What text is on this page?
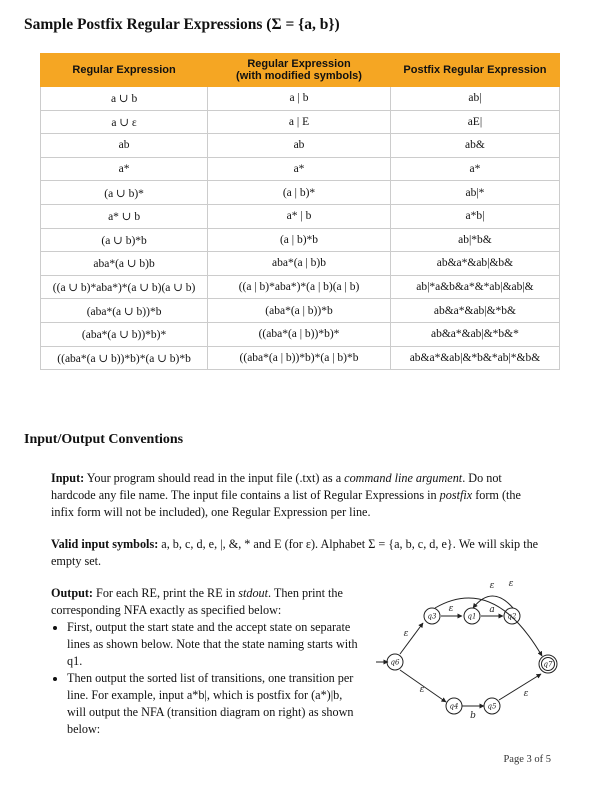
Sample Postfix Regular Expressions (Σ = {a, b})
Regular Expression	Regular Expression
(with modified symbols)	Postfix Regular Expression
a ∪ b	a | b	ab|
a ∪ ε	a | E	aE|
ab	ab	ab&
a*	a*	a*
(a ∪ b)*	(a | b)*	ab|*
a* ∪ b	a* | b	a*b|
(a ∪ b)*b	(a | b)*b	ab|*b&
aba*(a ∪ b)b	aba*(a | b)b	ab&a*&ab|&b&
((a ∪ b)*aba*)*(a ∪ b)(a ∪ b)	((a | b)*aba*)*(a | b)(a | b)	ab|*a&b&a*&*ab|&ab|&
(aba*(a ∪ b))*b	(aba*(a | b))*b	ab&a*&ab|&*b&
(aba*(a ∪ b))*b)*	((aba*(a | b))*b)*	ab&a*&ab|&*b&*
((aba*(a ∪ b))*b)*(a ∪ b)*b	((aba*(a | b))*b)*(a | b)*b	ab&a*&ab|&*b&*ab|*&b&
Input/Output Conventions
Input: Your program should read in the input file (.txt) as a command line argument. Do not hardcode any file name. The input file contains a list of Regular Expressions in postfix form (the infix form will not be included), one Regular Expression per line.
Valid input symbols: a, b, c, d, e, |, &, * and E (for ε). Alphabet Σ = {a, b, c, d, e}. We will skip the empty set.
Output: For each RE, print the RE in stdout. Then print the corresponding NFA exactly as specified below:
• First, output the start state and the accept state on separate lines as shown below. Note that the state naming starts with q1.
• Then output the sorted list of transitions, one transition per line. For example, input a*b|, which is postfix for (a*)|b, will output the NFA (transition diagram on right) as shown below:
q6
q3	q1	q2
q7
q4	q5
ε
ε
ε ε
ε
a
b
ε
Page 3 of 5
